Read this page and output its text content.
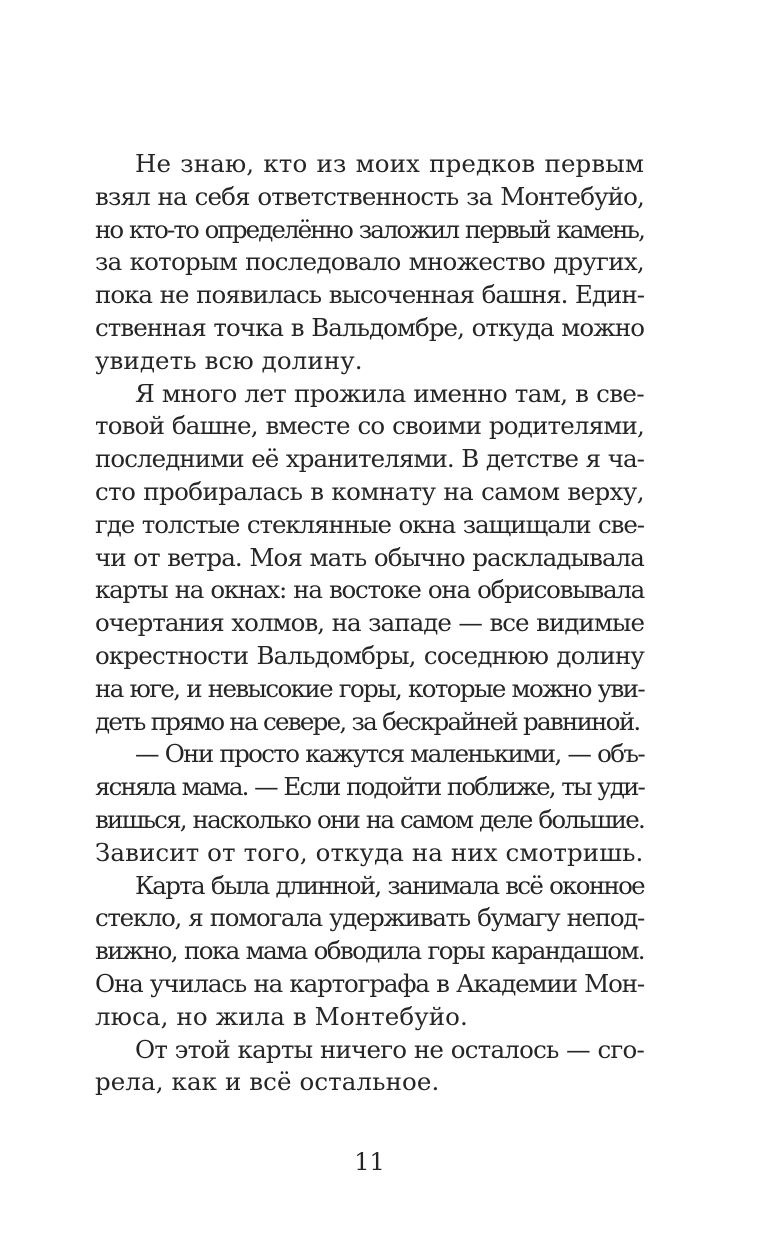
Не знаю, кто из моих предков первым
взял на себя ответственность за Монтебуйо,
но кто-то определённо заложил первый камень,
за которым последовало множество других,
пока не появилась высоченная башня. Един-
ственная точка в Вальдомбре, откуда можно
увидеть всю долину.
Я много лет прожила именно там, в све-
товой башне, вместе со своими родителями,
последними её хранителями. В детстве я ча-
сто пробиралась в комнату на самом верху,
где толстые стеклянные окна защищали све-
чи от ветра. Моя мать обычно раскладывала
карты на окнах: на востоке она обрисовывала
очертания холмов, на западе — все видимые
окрестности Вальдомбры, соседнюю долину
на юге, и невысокие горы, которые можно уви-
деть прямо на севере, за бескрайней равниной.
— Они просто кажутся маленькими, — объ-
ясняла мама. — Если подойти поближе, ты уди-
вишься, насколько они на самом деле большие.
Зависит от того, откуда на них смотришь.
Карта была длинной, занимала всё оконное
стекло, я помогала удерживать бумагу непод-
вижно, пока мама обводила горы карандашом.
Она училась на картографа в Академии Мон-
люса, но жила в Монтебуйо.
От этой карты ничего не осталось — сго-
рела, как и всё остальное.
11
